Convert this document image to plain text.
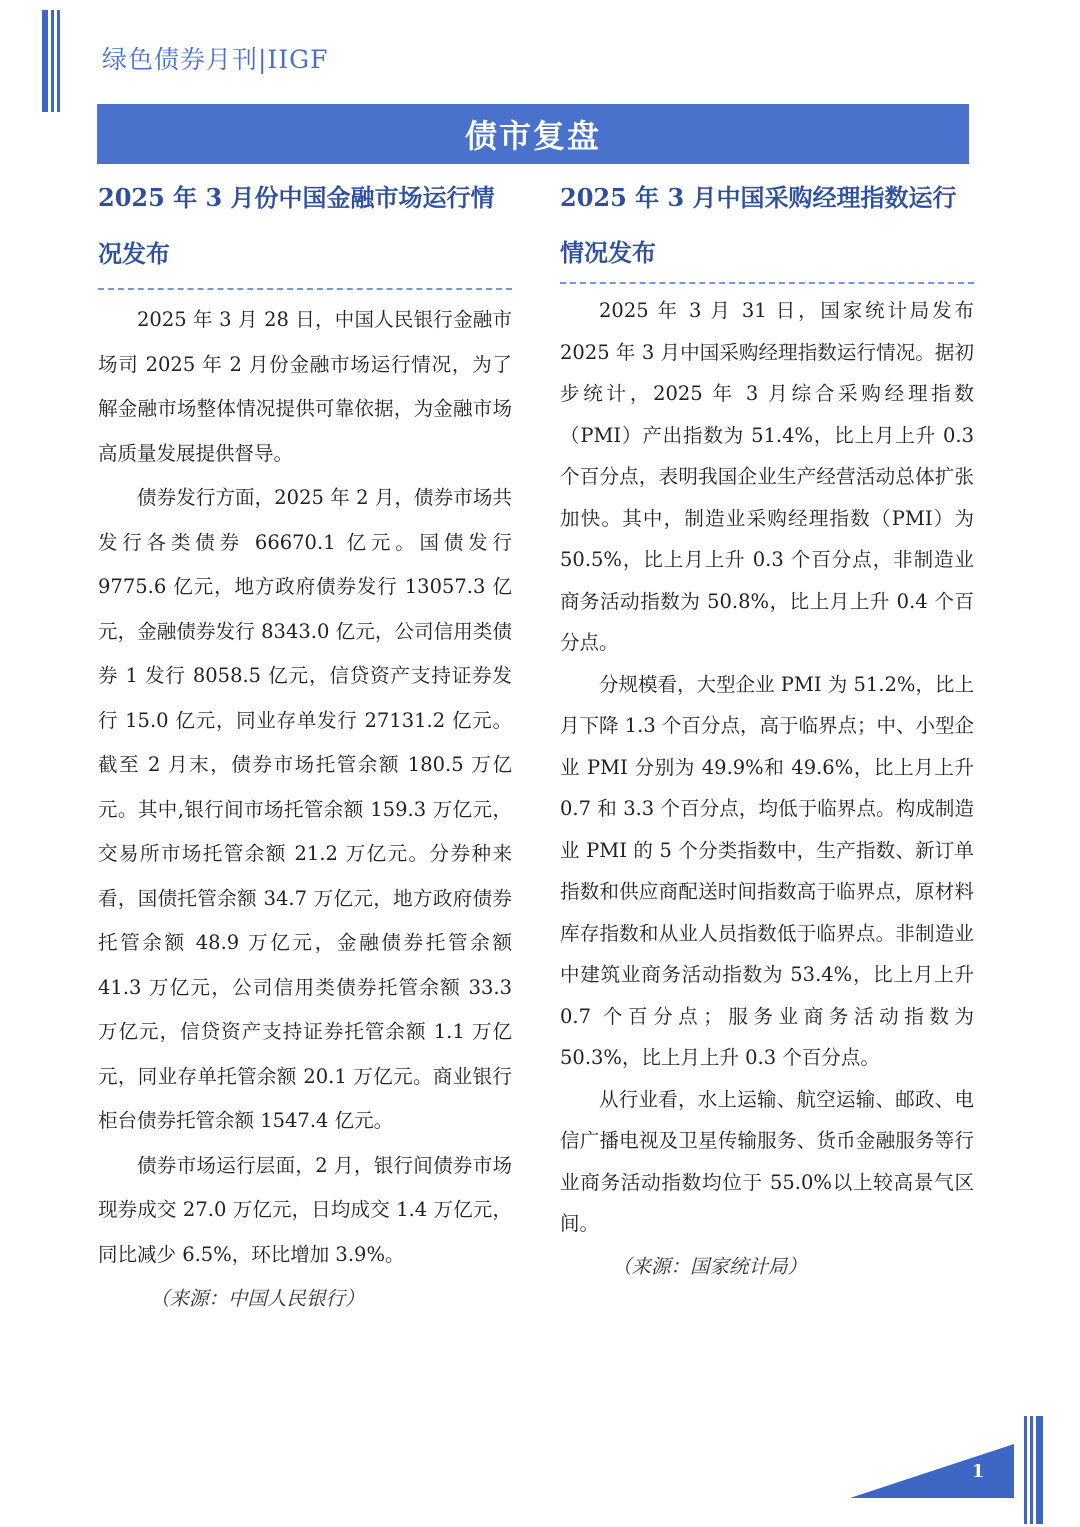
绿色债券月刊|IIGF
债市复盘
2025 年 3 月份中国金融市场运行情况发布

2025 年 3 月 28 日，中国人民银行金融市场司 2025 年 2 月份金融市场运行情况，为了解金融市场整体情况提供可靠依据，为金融市场高质量发展提供督导。

债券发行方面，2025 年 2 月，债券市场共发行各类债券 66670.1 亿元。国债发行 9775.6 亿元，地方政府债券发行 13057.3 亿元，金融债券发行 8343.0 亿元，公司信用类债券 1 发行 8058.5 亿元，信贷资产支持证券发行 15.0 亿元，同业存单发行 27131.2 亿元。截至 2 月末，债券市场托管余额 180.5 万亿元。其中,银行间市场托管余额 159.3 万亿元，交易所市场托管余额 21.2 万亿元。分券种来看，国债托管余额 34.7 万亿元，地方政府债券托管余额 48.9 万亿元，金融债券托管余额 41.3 万亿元，公司信用类债券托管余额 33.3 万亿元，信贷资产支持证券托管余额 1.1 万亿元，同业存单托管余额 20.1 万亿元。商业银行柜台债券托管余额 1547.4 亿元。

债券市场运行层面，2 月，银行间债券市场现券成交 27.0 万亿元，日均成交 1.4 万亿元，同比减少 6.5%，环比增加 3.9%。

（来源：中国人民银行）

2025 年 3 月中国采购经理指数运行情况发布

2025 年 3 月 31 日，国家统计局发布 2025 年 3 月中国采购经理指数运行情况。据初步统计，2025 年 3 月综合采购经理指数（PMI）产出指数为 51.4%，比上月上升 0.3 个百分点，表明我国企业生产经营活动总体扩张加快。其中，制造业采购经理指数（PMI）为 50.5%，比上月上升 0.3 个百分点，非制造业商务活动指数为 50.8%，比上月上升 0.4 个百分点。

分规模看，大型企业 PMI 为 51.2%，比上月下降 1.3 个百分点，高于临界点；中、小型企业 PMI 分别为 49.9%和 49.6%，比上月上升 0.7 和 3.3 个百分点，均低于临界点。构成制造业 PMI 的 5 个分类指数中，生产指数、新订单指数和供应商配送时间指数高于临界点，原材料库存指数和从业人员指数低于临界点。非制造业中建筑业商务活动指数为 53.4%，比上月上升 0.7 个百分点；服务业商务活动指数为 50.3%，比上月上升 0.3 个百分点。

从行业看，水上运输、航空运输、邮政、电信广播电视及卫星传输服务、货币金融服务等行业商务活动指数均位于 55.0%以上较高景气区间。

（来源：国家统计局）

1
